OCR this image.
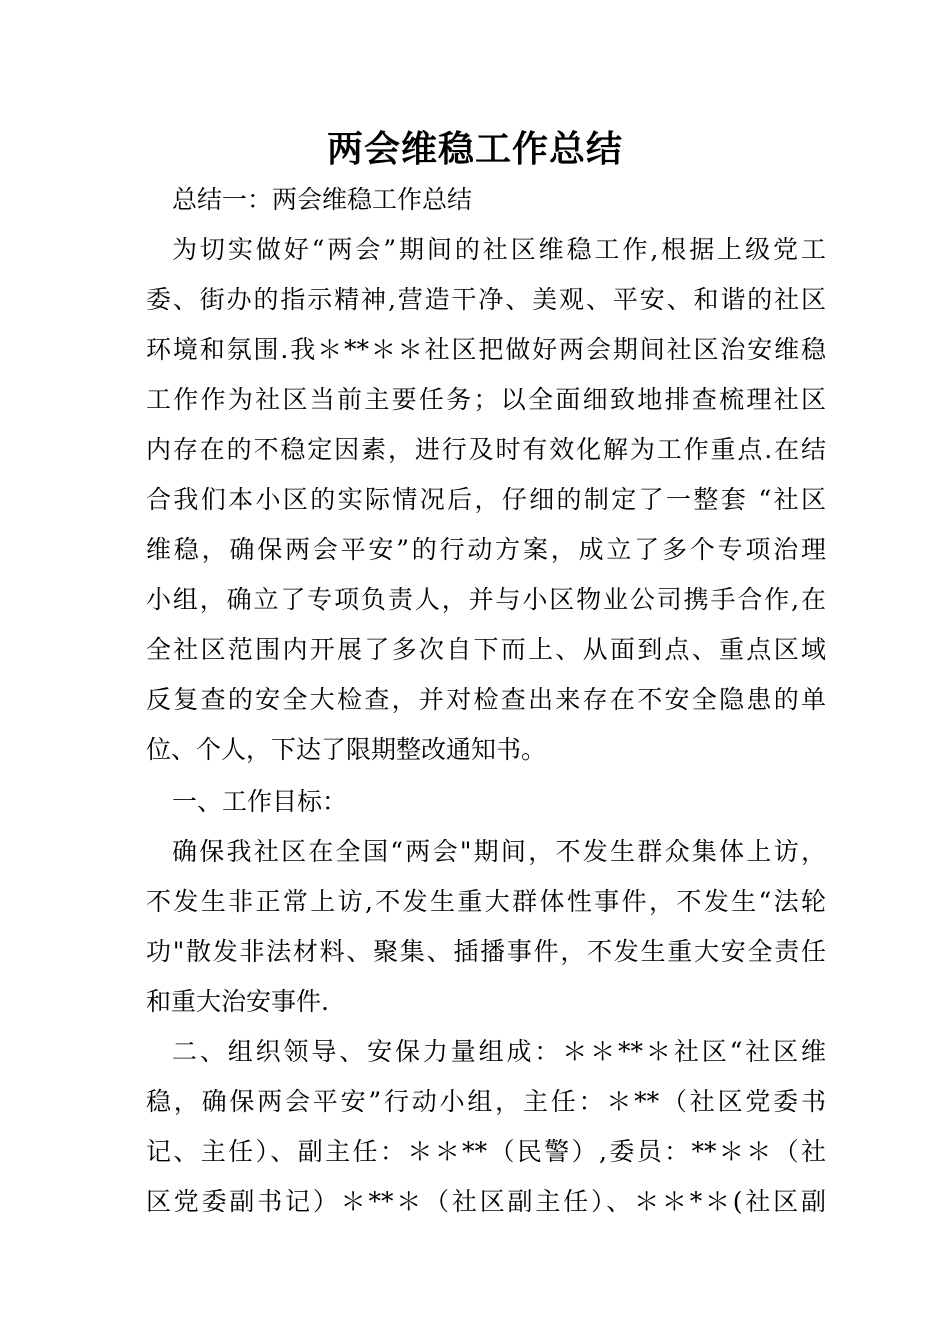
两会维稳工作总结
总结一：两会维稳工作总结
为切实做好“两会”期间的社区维稳工作,根据上级党工
委、街办的指示精神,营造干净、美观、平安、和谐的社区
环境和氛围.我＊**＊＊社区把做好两会期间社区治安维稳
工作作为社区当前主要任务；以全面细致地排查梳理社区
内存在的不稳定因素，进行及时有效化解为工作重点.在结
合我们本小区的实际情况后，仔细的制定了一整套 “社区
维稳，确保两会平安”的行动方案，成立了多个专项治理
小组，确立了专项负责人，并与小区物业公司携手合作,在
全社区范围内开展了多次自下而上、从面到点、重点区域
反复查的安全大检查，并对检查出来存在不安全隐患的单
位、个人，下达了限期整改通知书。
一、工作目标：
确保我社区在全国“两会"期间，不发生群众集体上访，
不发生非正常上访,不发生重大群体性事件，不发生“法轮
功"散发非法材料、聚集、插播事件，不发生重大安全责任
和重大治安事件.
二、组织领导、安保力量组成：＊＊**＊社区“社区维
稳，确保两会平安”行动小组，主任：＊**（社区党委书
记、主任）、副主任：＊＊**（民警）,委员：**＊＊（社
区党委副书记）＊**＊（社区副主任）、＊＊*＊(社区副
